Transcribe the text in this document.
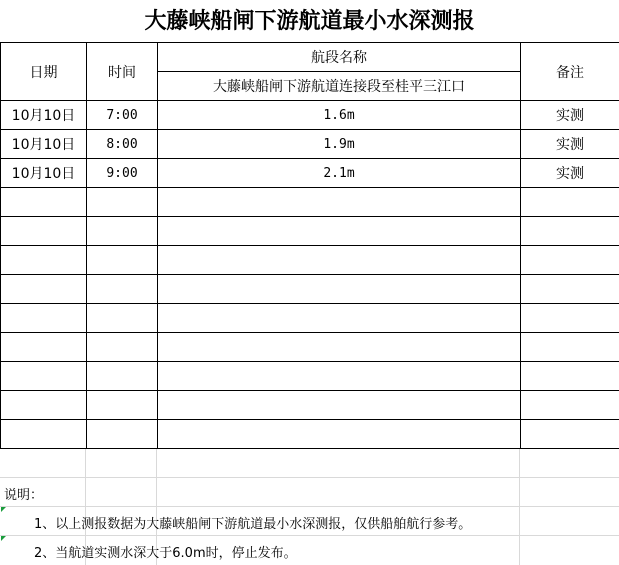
大藤峡船闸下游航道最小水深测报
日期	时间	航段名称	备注
		大藤峡船闸下游航道连接段至桂平三江口	
10月10日	7:00	1.6m	实测
10月10日	8:00	1.9m	实测
10月10日	9:00	2.1m	实测

说明：
1、以上测报数据为大藤峡船闸下游航道最小水深测报，仅供船舶航行参考。
2、当航道实测水深大于6.0m时，停止发布。
